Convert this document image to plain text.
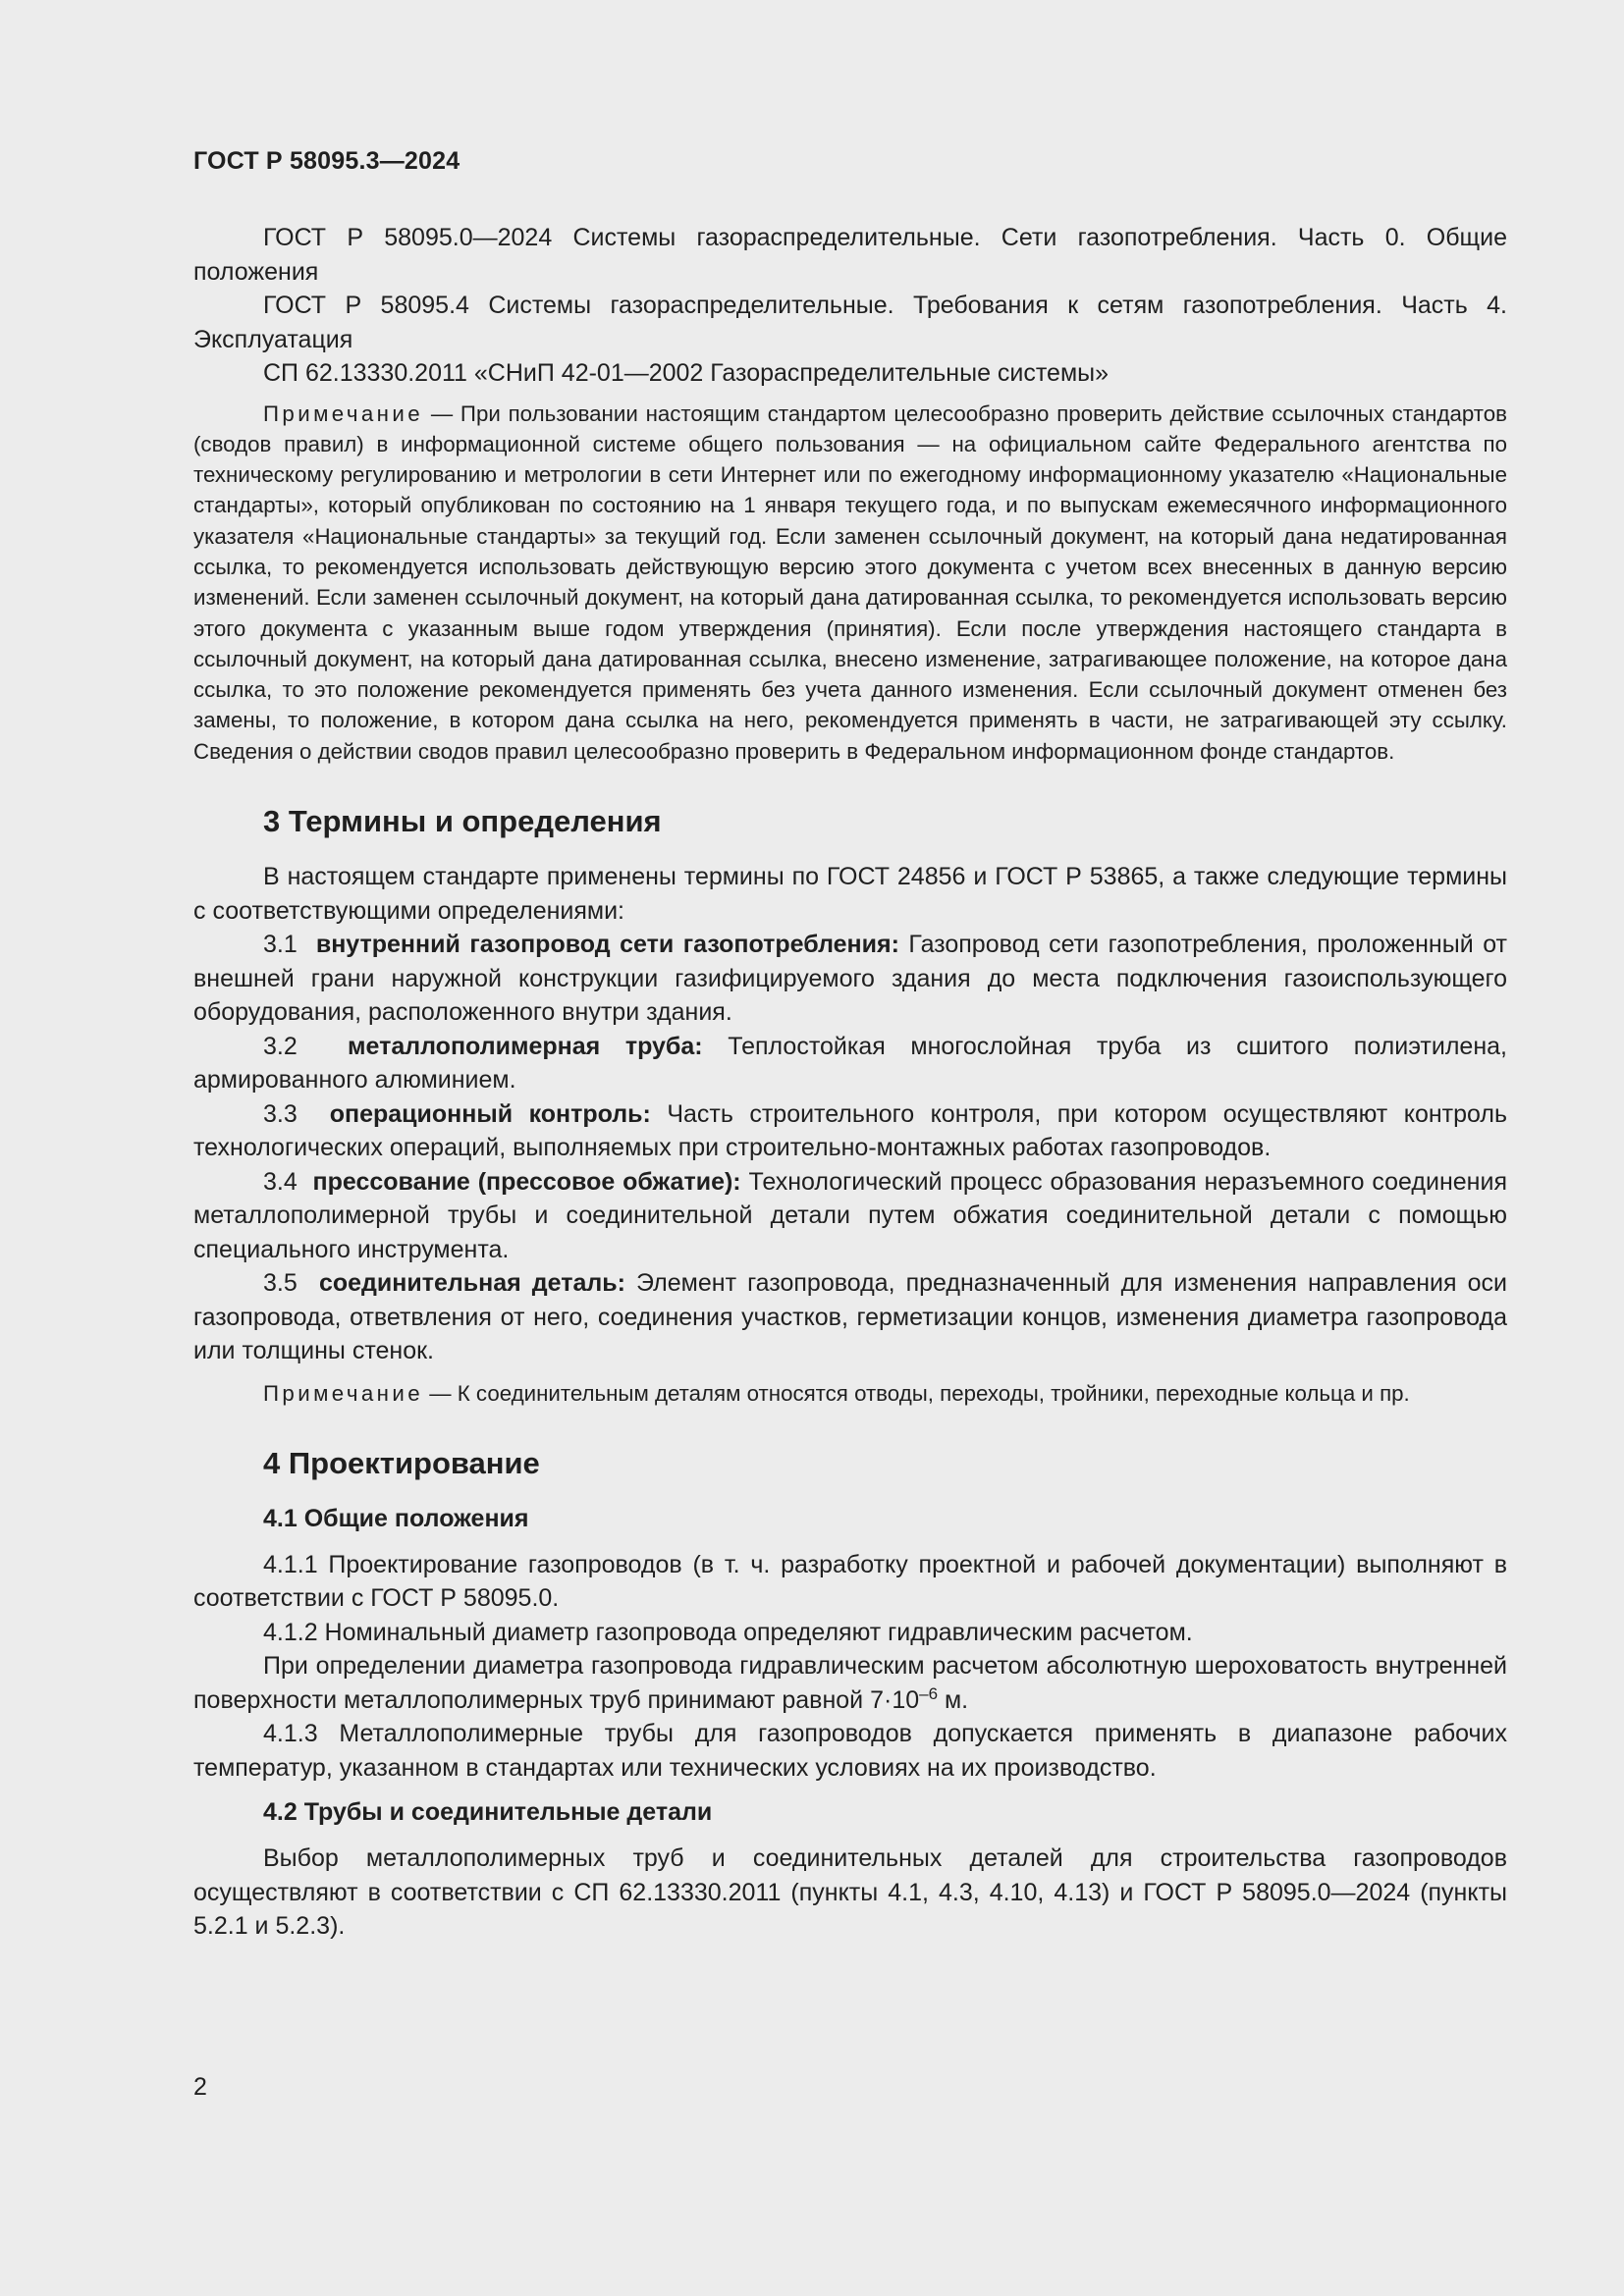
ГОСТ Р 58095.3—2024

ГОСТ Р 58095.0—2024 Системы газораспределительные. Сети газопотребления. Часть 0. Общие положения

ГОСТ Р 58095.4 Системы газораспределительные. Требования к сетям газопотребления. Часть 4. Эксплуатация

СП 62.13330.2011 «СНиП 42-01—2002 Газораспределительные системы»

Примечание — При пользовании настоящим стандартом целесообразно проверить действие ссылочных стандартов (сводов правил) в информационной системе общего пользования — на официальном сайте Федерального агентства по техническому регулированию и метрологии в сети Интернет или по ежегодному информационному указателю «Национальные стандарты», который опубликован по состоянию на 1 января текущего года, и по выпускам ежемесячного информационного указателя «Национальные стандарты» за текущий год. Если заменен ссылочный документ, на который дана недатированная ссылка, то рекомендуется использовать действующую версию этого документа с учетом всех внесенных в данную версию изменений. Если заменен ссылочный документ, на который дана датированная ссылка, то рекомендуется использовать версию этого документа с указанным выше годом утверждения (принятия). Если после утверждения настоящего стандарта в ссылочный документ, на который дана датированная ссылка, внесено изменение, затрагивающее положение, на которое дана ссылка, то это положение рекомендуется применять без учета данного изменения. Если ссылочный документ отменен без замены, то положение, в котором дана ссылка на него, рекомендуется применять в части, не затрагивающей эту ссылку. Сведения о действии сводов правил целесообразно проверить в Федеральном информационном фонде стандартов.

3 Термины и определения

В настоящем стандарте применены термины по ГОСТ 24856 и ГОСТ Р 53865, а также следующие термины с соответствующими определениями:

3.1 внутренний газопровод сети газопотребления: Газопровод сети газопотребления, проложенный от внешней грани наружной конструкции газифицируемого здания до места подключения газоиспользующего оборудования, расположенного внутри здания.

3.2 металлополимерная труба: Теплостойкая многослойная труба из сшитого полиэтилена, армированного алюминием.

3.3 операционный контроль: Часть строительного контроля, при котором осуществляют контроль технологических операций, выполняемых при строительно-монтажных работах газопроводов.

3.4 прессование (прессовое обжатие): Технологический процесс образования неразъемного соединения металлополимерной трубы и соединительной детали путем обжатия соединительной детали с помощью специального инструмента.

3.5 соединительная деталь: Элемент газопровода, предназначенный для изменения направления оси газопровода, ответвления от него, соединения участков, герметизации концов, изменения диаметра газопровода или толщины стенок.

Примечание — К соединительным деталям относятся отводы, переходы, тройники, переходные кольца и пр.

4 Проектирование
4.1 Общие положения

4.1.1 Проектирование газопроводов (в т. ч. разработку проектной и рабочей документации) выполняют в соответствии с ГОСТ Р 58095.0.

4.1.2 Номинальный диаметр газопровода определяют гидравлическим расчетом.

При определении диаметра газопровода гидравлическим расчетом абсолютную шероховатость внутренней поверхности металлополимерных труб принимают равной $7\cdot 10^{-6}$ м.

4.1.3 Металлополимерные трубы для газопроводов допускается применять в диапазоне рабочих температур, указанном в стандартах или технических условиях на их производство.

4.2 Трубы и соединительные детали

Выбор металлополимерных труб и соединительных деталей для строительства газопроводов осуществляют в соответствии с СП 62.13330.2011 (пункты 4.1, 4.3, 4.10, 4.13) и ГОСТ Р 58095.0—2024 (пункты 5.2.1 и 5.2.3).

2
